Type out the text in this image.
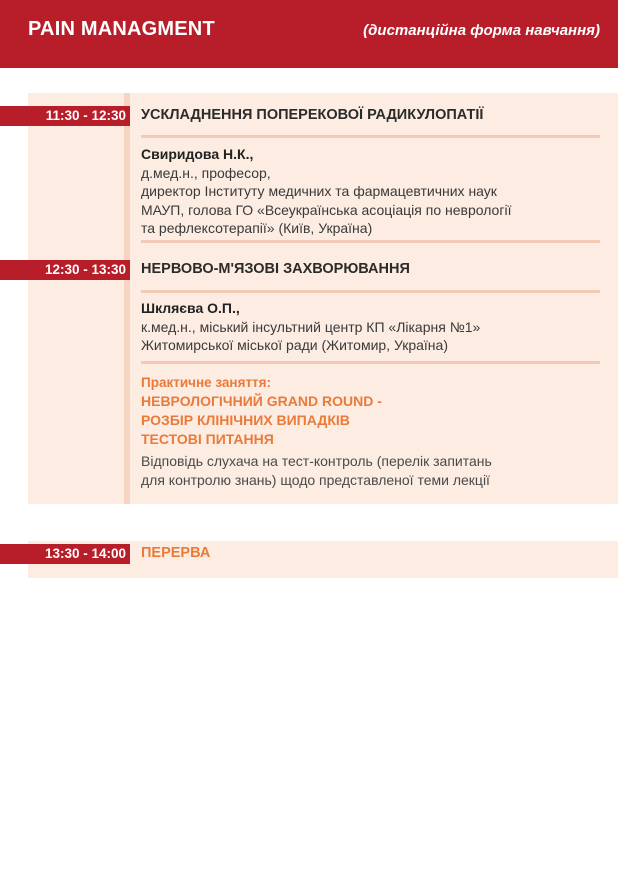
PAIN MANAGMENT	(дистанційна форма навчання)
11:30 - 12:30 УСКЛАДНЕННЯ ПОПЕРЕКОВОЇ РАДИКУЛОПАТІЇ
Свиридова Н.К.,
д.мед.н., професор,
директор Інституту медичних та фармацевтичних наук
МАУП, голова ГО «Всеукраїнська асоціація по неврології
та рефлексотерапії» (Київ, Україна)
12:30 - 13:30 НЕРВОВО-М'ЯЗОВІ ЗАХВОРЮВАННЯ
Шкляєва О.П.,
к.мед.н., міський інсультний центр КП «Лікарня №1»
Житомирської міської ради (Житомир, Україна)
Практичне заняття:
НЕВРОЛОГІЧНИЙ GRAND ROUND -
РОЗБІР КЛІНІЧНИХ ВИПАДКІВ
ТЕСТОВІ ПИТАННЯ
Відповідь слухача на тест-контроль (перелік запитань
для контролю знань) щодо представленої теми лекції
13:30 - 14:00 ПЕРЕРВА
